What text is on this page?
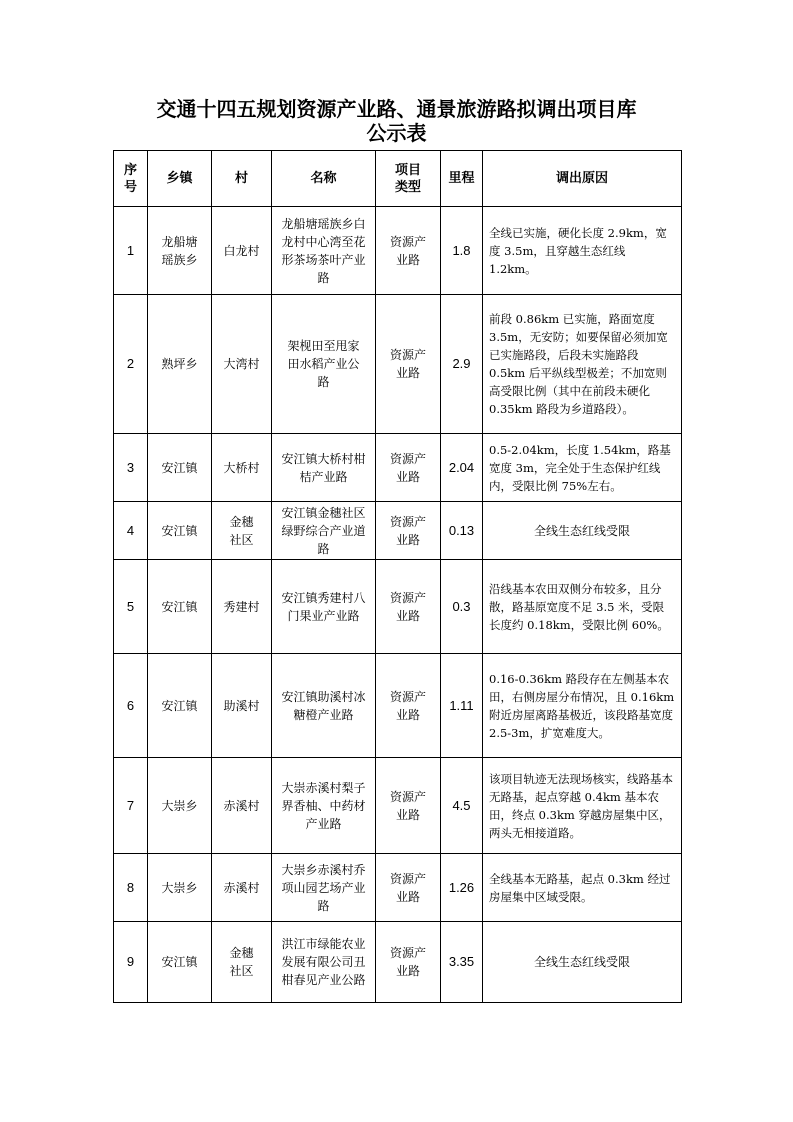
交通十四五规划资源产业路、通景旅游路拟调出项目库
公示表
序号	乡镇	村	名称	项目类型	里程	调出原因
1	龙船塘瑶族乡	白龙村	龙船塘瑶族乡白龙村中心湾至花形茶场茶叶产业路	资源产业路	1.8	全线已实施，硬化长度 2.9km，宽度 3.5m，且穿越生态红线 1.2km。
2	熟坪乡	大湾村	架枧田至甩家田水稻产业公路	资源产业路	2.9	前段 0.86km 已实施，路面宽度 3.5m，无安防；如要保留必须加宽已实施路段，后段未实施路段 0.5km 后平纵线型极差；不加宽则高受限比例（其中在前段未硬化 0.35km 路段为乡道路段）。
3	安江镇	大桥村	安江镇大桥村柑桔产业路	资源产业路	2.04	0.5-2.04km，长度 1.54km，路基宽度 3m，完全处于生态保护红线内，受限比例 75%左右。
4	安江镇	金穗社区	安江镇金穗社区绿野综合产业道路	资源产业路	0.13	全线生态红线受限
5	安江镇	秀建村	安江镇秀建村八门果业产业路	资源产业路	0.3	沿线基本农田双侧分布较多，且分散，路基原宽度不足 3.5 米，受限长度约 0.18km，受限比例 60%。
6	安江镇	助溪村	安江镇助溪村冰糖橙产业路	资源产业路	1.11	0.16-0.36km 路段存在左侧基本农田，右侧房屋分布情况，且 0.16km 附近房屋离路基极近，该段路基宽度 2.5-3m，扩宽难度大。
7	大崇乡	赤溪村	大崇赤溪村梨子界香柚、中药材产业路	资源产业路	4.5	该项目轨迹无法现场核实，线路基本无路基，起点穿越 0.4km 基本农田，终点 0.3km 穿越房屋集中区，两头无相接道路。
8	大崇乡	赤溪村	大崇乡赤溪村乔项山园艺场产业路	资源产业路	1.26	全线基本无路基，起点 0.3km 经过房屋集中区域受限。
9	安江镇	金穗社区	洪江市绿能农业发展有限公司丑柑春见产业公路	资源产业路	3.35	全线生态红线受限
